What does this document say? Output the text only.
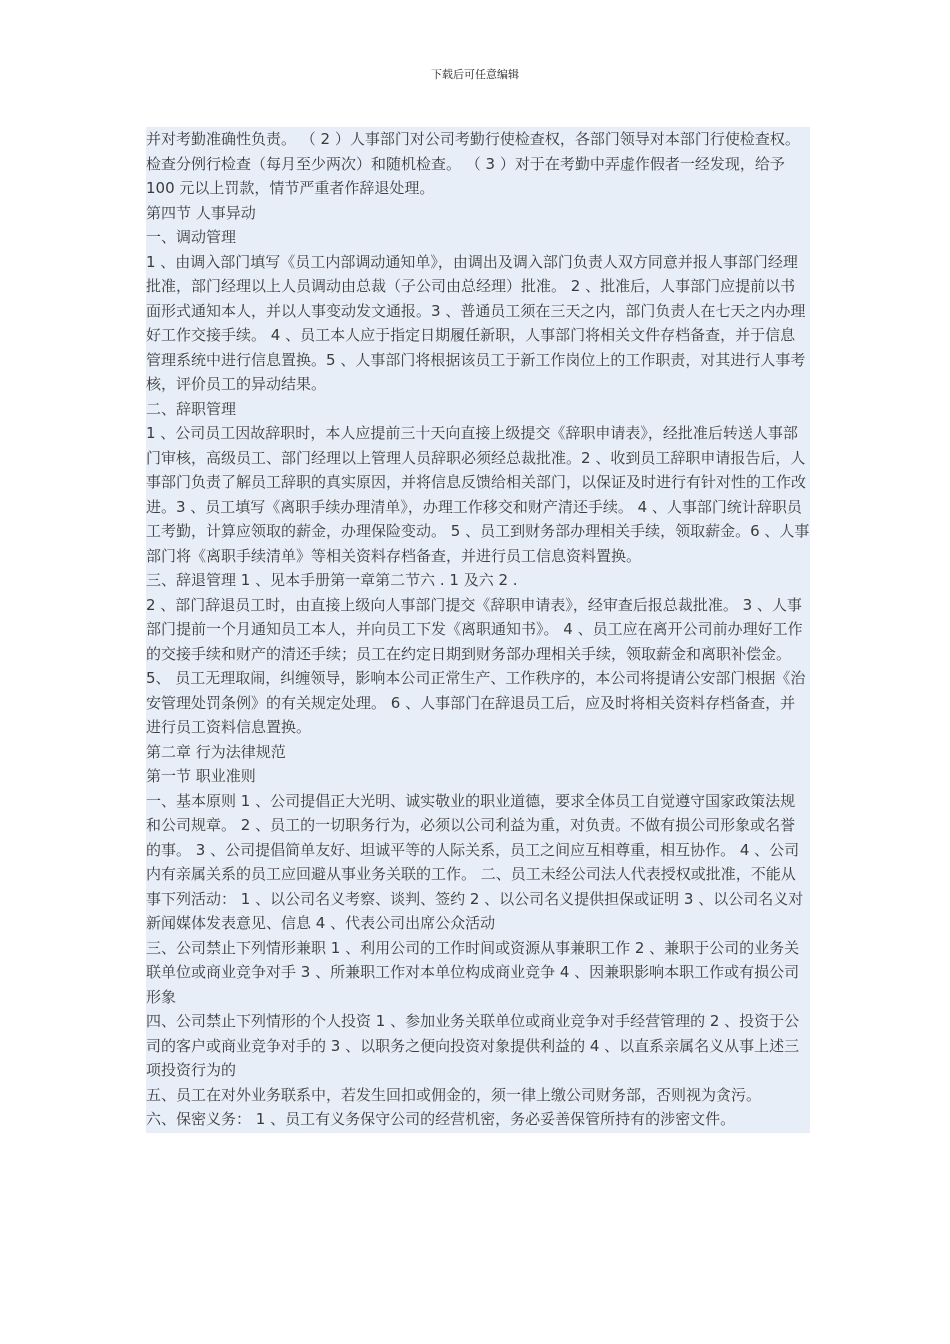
下载后可任意编辑

并对考勤准确性负责。 （ 2 ）人事部门对公司考勤行使检查权，各部门领导对本部门行使检查权。检查分例行检查（每月至少两次）和随机检查。 （ 3 ）对于在考勤中弄虚作假者一经发现，给予 100 元以上罚款，情节严重者作辞退处理。

第四节 人事异动

一、调动管理

1 、由调入部门填写《员工内部调动通知单》，由调出及调入部门负责人双方同意并报人事部门经理批准，部门经理以上人员调动由总裁（子公司由总经理）批准。 2 、批准后，人事部门应提前以书面形式通知本人，并以人事变动发文通报。3 、普通员工须在三天之内，部门负责人在七天之内办理好工作交接手续。 4 、员工本人应于指定日期履任新职，人事部门将相关文件存档备查，并于信息管理系统中进行信息置换。5 、人事部门将根据该员工于新工作岗位上的工作职责，对其进行人事考核，评价员工的异动结果。

二、辞职管理

1 、公司员工因故辞职时，本人应提前三十天向直接上级提交《辞职申请表》，经批准后转送人事部门审核，高级员工、部门经理以上管理人员辞职必须经总裁批准。2 、收到员工辞职申请报告后，人事部门负责了解员工辞职的真实原因，并将信息反馈给相关部门，以保证及时进行有针对性的工作改进。3 、员工填写《离职手续办理清单》，办理工作移交和财产清还手续。 4 、人事部门统计辞职员工考勤，计算应领取的薪金，办理保险变动。 5 、员工到财务部办理相关手续，领取薪金。6 、人事部门将《离职手续清单》等相关资料存档备查，并进行员工信息资料置换。

三、辞退管理 1 、见本手册第一章第二节六 . 1 及六 2 .

2 、部门辞退员工时，由直接上级向人事部门提交《辞职申请表》，经审查后报总裁批准。 3 、人事部门提前一个月通知员工本人，并向员工下发《离职通知书》。 4 、员工应在离开公司前办理好工作的交接手续和财产的清还手续；员工在约定日期到财务部办理相关手续，领取薪金和离职补偿金。 5、 员工无理取闹，纠缠领导，影响本公司正常生产、工作秩序的，本公司将提请公安部门根据《治安管理处罚条例》的有关规定处理。 6 、人事部门在辞退员工后，应及时将相关资料存档备查，并进行员工资料信息置换。

第二章 行为法律规范

第一节 职业准则

一、基本原则 1 、公司提倡正大光明、诚实敬业的职业道德，要求全体员工自觉遵守国家政策法规和公司规章。 2 、员工的一切职务行为，必须以公司利益为重，对负责。不做有损公司形象或名誉的事。 3 、公司提倡简单友好、坦诚平等的人际关系，员工之间应互相尊重，相互协作。 4 、公司内有亲属关系的员工应回避从事业务关联的工作。 二、员工未经公司法人代表授权或批准，不能从事下列活动： 1 、以公司名义考察、谈判、签约 2 、以公司名义提供担保或证明 3 、以公司名义对新闻媒体发表意见、信息 4 、代表公司出席公众活动

三、公司禁止下列情形兼职 1 、利用公司的工作时间或资源从事兼职工作 2 、兼职于公司的业务关联单位或商业竞争对手 3 、所兼职工作对本单位构成商业竞争 4 、因兼职影响本职工作或有损公司形象

四、公司禁止下列情形的个人投资 1 、参加业务关联单位或商业竞争对手经营管理的 2 、投资于公司的客户或商业竞争对手的 3 、以职务之便向投资对象提供利益的 4 、以直系亲属名义从事上述三项投资行为的

五、员工在对外业务联系中，若发生回扣或佣金的，须一律上缴公司财务部，否则视为贪污。

六、保密义务： 1 、员工有义务保守公司的经营机密，务必妥善保管所持有的涉密文件。
